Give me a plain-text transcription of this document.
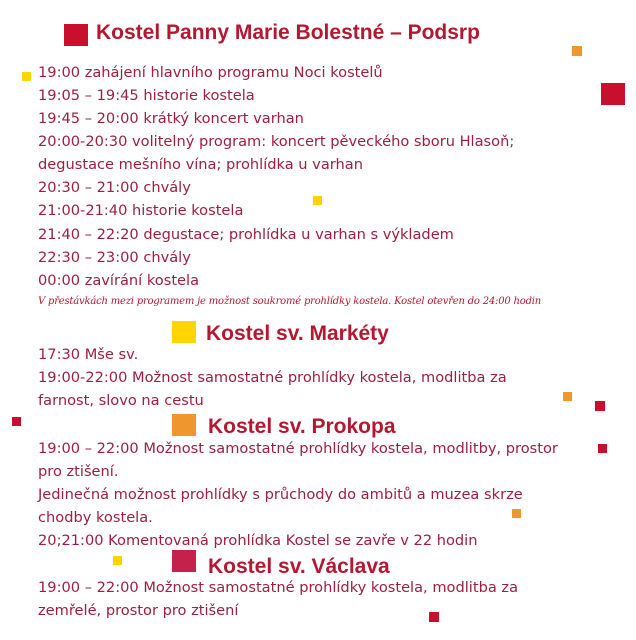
Kostel Panny Marie Bolestné – Podsrp
19:00 zahájení hlavního programu Noci kostelů
19:05 – 19:45 historie kostela
19:45 – 20:00 krátký koncert varhan
20:00-20:30 volitelný program: koncert pěveckého sboru Hlasoň;
degustace mešního vína; prohlídka u varhan
20:30 – 21:00 chvály
21:00-21:40 historie kostela
21:40 – 22:20 degustace; prohlídka u varhan s výkladem
22:30 – 23:00 chvály
00:00 zavírání kostela
V přestávkách mezi programem je možnost soukromé prohlídky kostela. Kostel otevřen do 24:00 hodin
Kostel sv. Markéty
17:30 Mše sv.
19:00-22:00 Možnost samostatné prohlídky kostela, modlitba za
farnost, slovo na cestu
Kostel sv. Prokopa
19:00 – 22:00 Možnost samostatné prohlídky kostela, modlitby, prostor
pro ztišení.
Jedinečná možnost prohlídky s průchody do ambitů a muzea skrze
chodby kostela.
20;21:00 Komentovaná prohlídka Kostel se zavře v 22 hodin
Kostel sv. Václava
19:00 – 22:00 Možnost samostatné prohlídky kostela, modlitba za
zemřelé, prostor pro ztišení
